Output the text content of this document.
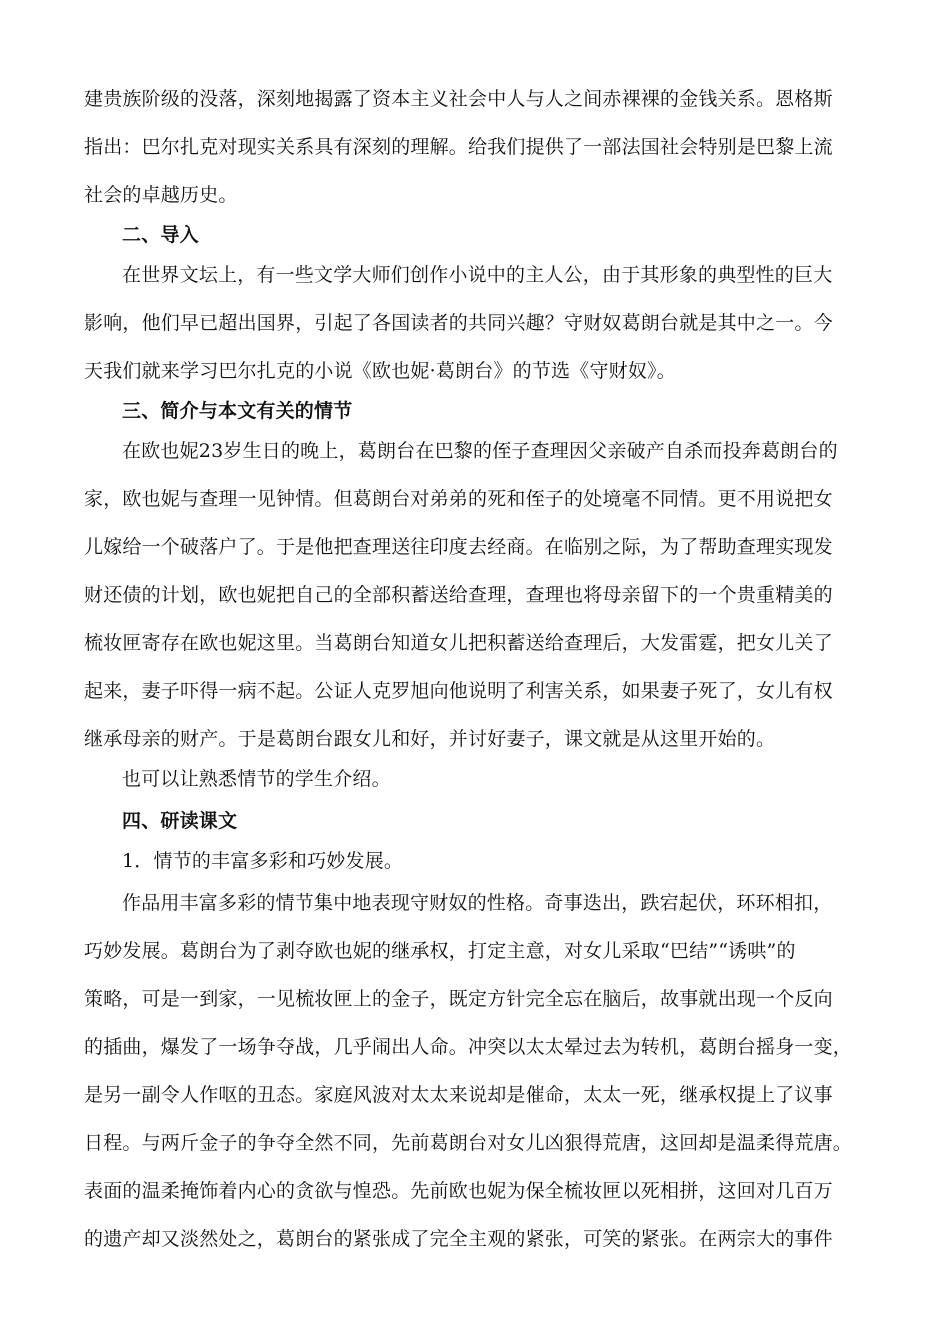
建贵族阶级的没落，深刻地揭露了资本主义社会中人与人之间赤裸裸的金钱关系。恩格斯
指出：巴尔扎克对现实关系具有深刻的理解。给我们提供了一部法国社会特别是巴黎上流
社会的卓越历史。
二、导入
在世界文坛上，有一些文学大师们创作小说中的主人公，由于其形象的典型性的巨大
影响，他们早已超出国界，引起了各国读者的共同兴趣？守财奴葛朗台就是其中之一。今
天我们就来学习巴尔扎克的小说《欧也妮·葛朗台》的节选《守财奴》。
三、简介与本文有关的情节
在欧也妮23岁生日的晚上，葛朗台在巴黎的侄子查理因父亲破产自杀而投奔葛朗台的
家，欧也妮与查理一见钟情。但葛朗台对弟弟的死和侄子的处境毫不同情。更不用说把女
儿嫁给一个破落户了。于是他把查理送往印度去经商。在临别之际，为了帮助查理实现发
财还债的计划，欧也妮把自己的全部积蓄送给查理，查理也将母亲留下的一个贵重精美的
梳妆匣寄存在欧也妮这里。当葛朗台知道女儿把积蓄送给查理后，大发雷霆，把女儿关了
起来，妻子吓得一病不起。公证人克罗旭向他说明了利害关系，如果妻子死了，女儿有权
继承母亲的财产。于是葛朗台跟女儿和好，并讨好妻子，课文就是从这里开始的。
也可以让熟悉情节的学生介绍。
四、研读课文
1．情节的丰富多彩和巧妙发展。
作品用丰富多彩的情节集中地表现守财奴的性格。奇事迭出，跌宕起伏，环环相扣，
巧妙发展。葛朗台为了剥夺欧也妮的继承权，打定主意，对女儿采取“巴结”“诱哄”的
策略，可是一到家，一见梳妆匣上的金子，既定方针完全忘在脑后，故事就出现一个反向
的插曲，爆发了一场争夺战，几乎闹出人命。冲突以太太晕过去为转机，葛朗台摇身一变，
是另一副令人作呕的丑态。家庭风波对太太来说却是催命，太太一死，继承权提上了议事
日程。与两斤金子的争夺全然不同，先前葛朗台对女儿凶狠得荒唐，这回却是温柔得荒唐。
表面的温柔掩饰着内心的贪欲与惶恐。先前欧也妮为保全梳妆匣以死相拼，这回对几百万
的遗产却又淡然处之，葛朗台的紧张成了完全主观的紧张，可笑的紧张。在两宗大的事件
